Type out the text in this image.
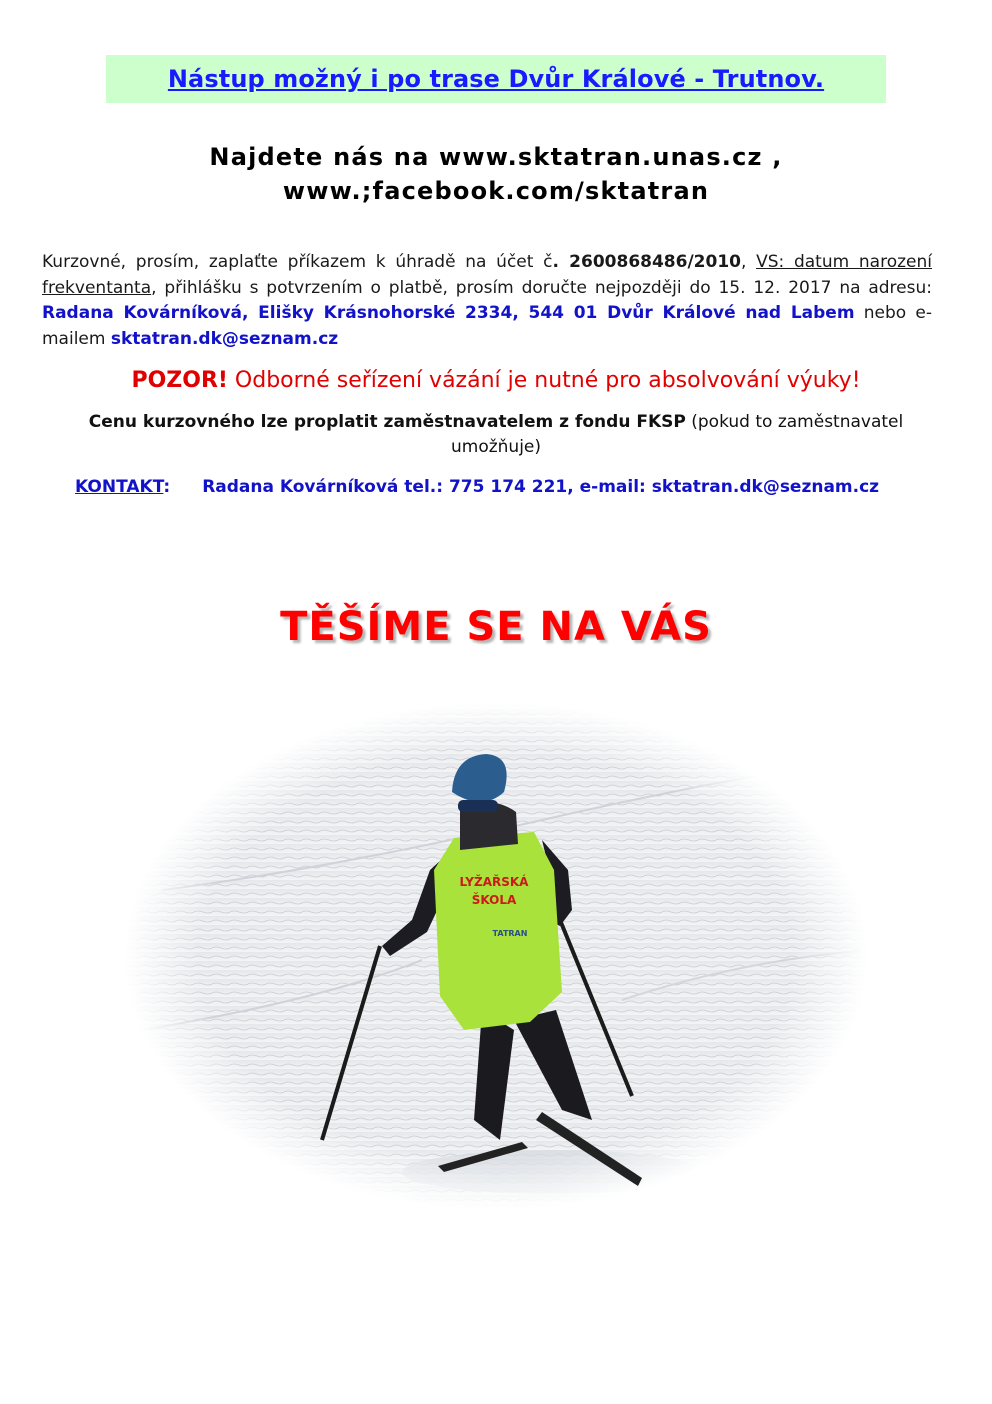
Nástup možný i po trase Dvůr Králové - Trutnov.
Najdete nás na www.sktatran.unas.cz ,
www.;facebook.com/sktatran

Kurzovné, prosím, zaplaťte příkazem k úhradě na účet č. 2600868486/2010, VS: datum narození frekventanta, přihlášku s potvrzením o platbě, prosím doručte nejpozději do 15. 12. 2017 na adresu: Radana Kovárníková, Elišky Krásnohorské 2334, 544 01 Dvůr Králové nad Labem nebo e-mailem sktatran.dk@seznam.cz

POZOR! Odborné seřízení vázání je nutné pro absolvování výuky!

Cenu kurzovného lze proplatit zaměstnavatelem z fondu FKSP (pokud to zaměstnavatel umožňuje)

KONTAKT: Radana Kovárníková tel.: 775 174 221, e-mail: sktatran.dk@seznam.cz
TĚŠÍME SE NA VÁS
LYŽAŘSKÁ
ŠKOLA
TATRAN
